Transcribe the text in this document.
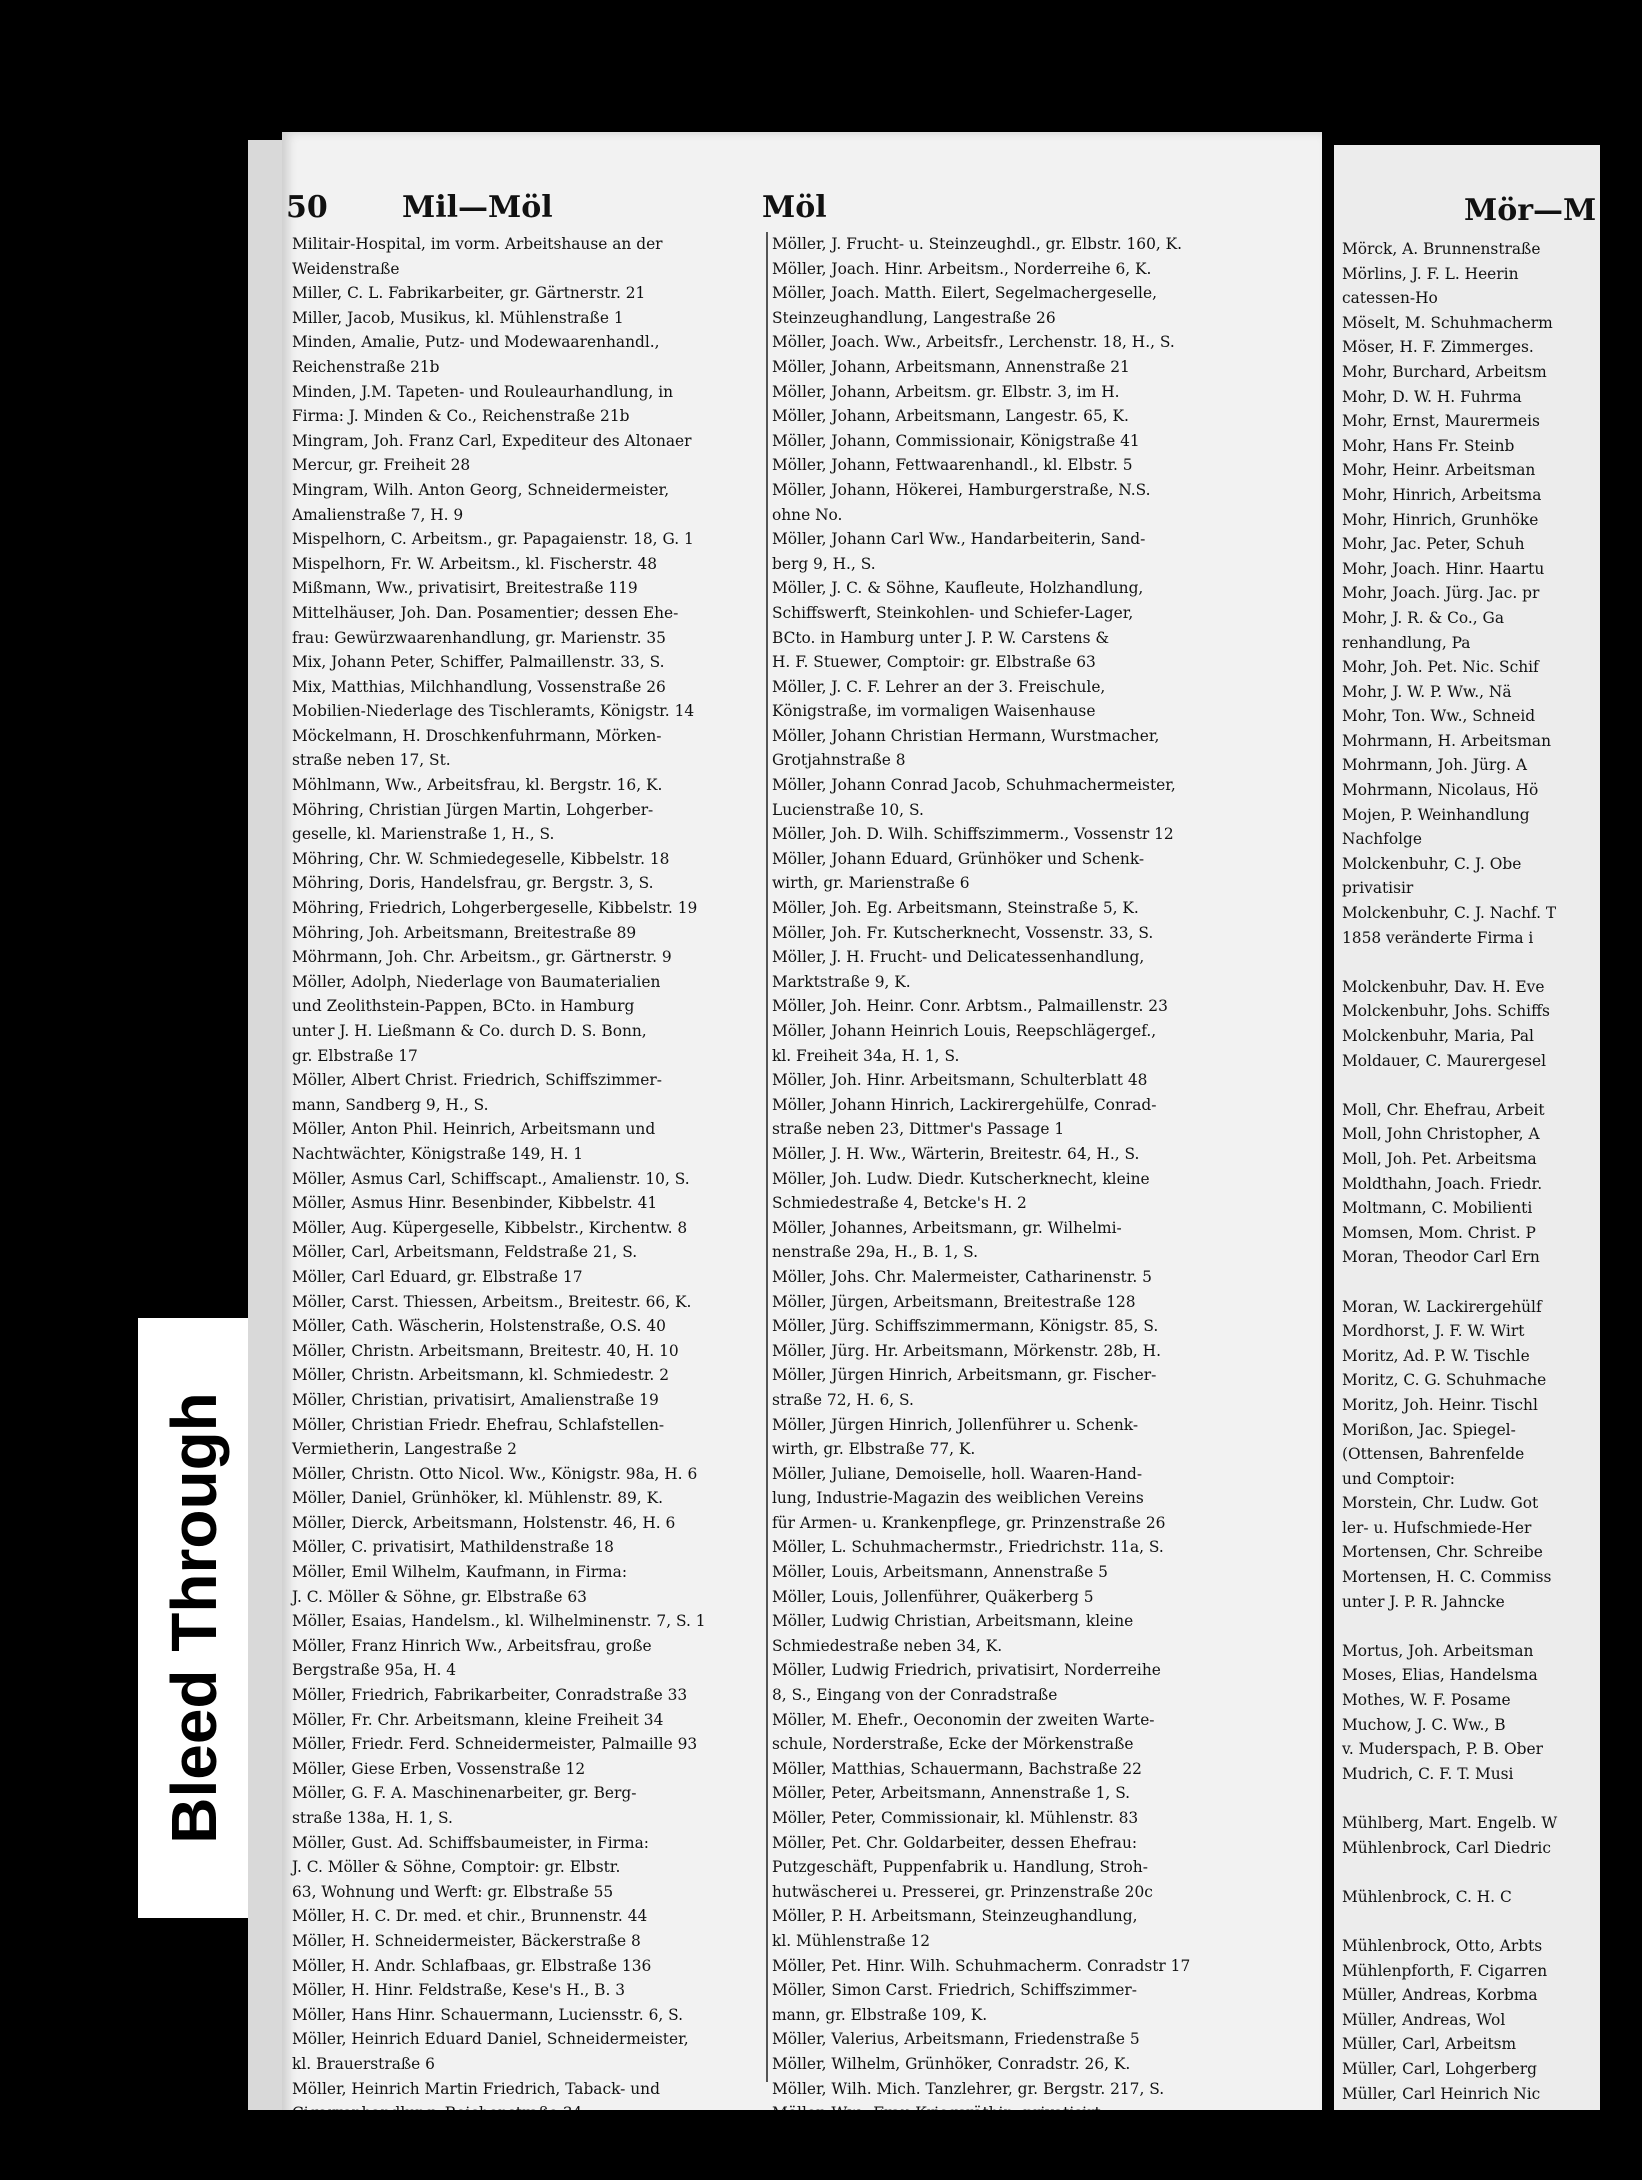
Bleed Through
50 Mil—Möl	Möl
Militair-Hospital, im vorm. Arbeitshause an der
Weidenstraße
Miller, C. L. Fabrikarbeiter, gr. Gärtnerstr. 21
Miller, Jacob, Musikus, kl. Mühlenstraße 1
Minden, Amalie, Putz- und Modewaarenhandl.,
Reichenstraße 21b
Minden, J.M. Tapeten- und Rouleaurhandlung, in
Firma: J. Minden & Co., Reichenstraße 21b
Mingram, Joh. Franz Carl, Expediteur des Altonaer
Mercur, gr. Freiheit 28
Mingram, Wilh. Anton Georg, Schneidermeister,
Amalienstraße 7, H. 9
Mispelhorn, C. Arbeitsm., gr. Papagaienstr. 18, G. 1
Mispelhorn, Fr. W. Arbeitsm., kl. Fischerstr. 48
Mißmann, Ww., privatisirt, Breitestraße 119
Mittelhäuser, Joh. Dan. Posamentier; dessen Ehe-
frau: Gewürzwaarenhandlung, gr. Marienstr. 35
Mix, Johann Peter, Schiffer, Palmaillenstr. 33, S.
Mix, Matthias, Milchhandlung, Vossenstraße 26
Mobilien-Niederlage des Tischleramts, Königstr. 14
Möckelmann, H. Droschkenfuhrmann, Mörken-
straße neben 17, St.
Möhlmann, Ww., Arbeitsfrau, kl. Bergstr. 16, K.
Möhring, Christian Jürgen Martin, Lohgerber-
geselle, kl. Marienstraße 1, H., S.
Möhring, Chr. W. Schmiedegeselle, Kibbelstr. 18
Möhring, Doris, Handelsfrau, gr. Bergstr. 3, S.
Möhring, Friedrich, Lohgerbergeselle, Kibbelstr. 19
Möhring, Joh. Arbeitsmann, Breitestraße 89
Möhrmann, Joh. Chr. Arbeitsm., gr. Gärtnerstr. 9
Möller, Adolph, Niederlage von Baumaterialien
und Zeolithstein-Pappen, BCto. in Hamburg
unter J. H. Ließmann & Co. durch D. S. Bonn,
gr. Elbstraße 17
Möller, Albert Christ. Friedrich, Schiffszimmer-
mann, Sandberg 9, H., S.
Möller, Anton Phil. Heinrich, Arbeitsmann und
Nachtwächter, Königstraße 149, H. 1
Möller, Asmus Carl, Schiffscapt., Amalienstr. 10, S.
Möller, Asmus Hinr. Besenbinder, Kibbelstr. 41
Möller, Aug. Küpergeselle, Kibbelstr., Kirchentw. 8
Möller, Carl, Arbeitsmann, Feldstraße 21, S.
Möller, Carl Eduard, gr. Elbstraße 17
Möller, Carst. Thiessen, Arbeitsm., Breitestr. 66, K.
Möller, Cath. Wäscherin, Holstenstraße, O.S. 40
Möller, Christn. Arbeitsmann, Breitestr. 40, H. 10
Möller, Christn. Arbeitsmann, kl. Schmiedestr. 2
Möller, Christian, privatisirt, Amalienstraße 19
Möller, Christian Friedr. Ehefrau, Schlafstellen-
Vermietherin, Langestraße 2
Möller, Christn. Otto Nicol. Ww., Königstr. 98a, H. 6
Möller, Daniel, Grünhöker, kl. Mühlenstr. 89, K.
Möller, Dierck, Arbeitsmann, Holstenstr. 46, H. 6
Möller, C. privatisirt, Mathildenstraße 18
Möller, Emil Wilhelm, Kaufmann, in Firma:
J. C. Möller & Söhne, gr. Elbstraße 63
Möller, Esaias, Handelsm., kl. Wilhelminenstr. 7, S. 1
Möller, Franz Hinrich Ww., Arbeitsfrau, große
Bergstraße 95a, H. 4
Möller, Friedrich, Fabrikarbeiter, Conradstraße 33
Möller, Fr. Chr. Arbeitsmann, kleine Freiheit 34
Möller, Friedr. Ferd. Schneidermeister, Palmaille 93
Möller, Giese Erben, Vossenstraße 12
Möller, G. F. A. Maschinenarbeiter, gr. Berg-
straße 138a, H. 1, S.
Möller, Gust. Ad. Schiffsbaumeister, in Firma:
J. C. Möller & Söhne, Comptoir: gr. Elbstr.
63, Wohnung und Werft: gr. Elbstraße 55
Möller, H. C. Dr. med. et chir., Brunnenstr. 44
Möller, H. Schneidermeister, Bäckerstraße 8
Möller, H. Andr. Schlafbaas, gr. Elbstraße 136
Möller, H. Hinr. Feldstraße, Kese's H., B. 3
Möller, Hans Hinr. Schauermann, Luciensstr. 6, S.
Möller, Heinrich Eduard Daniel, Schneidermeister,
kl. Brauerstraße 6
Möller, Heinrich Martin Friedrich, Taback- und
Möller, J. Frucht- u. Steinzeughdl., gr. Elbstr. 160, K.
Möller, Joach. Hinr. Arbeitsm., Norderreihe 6, K.
Möller, Joach. Matth. Eilert, Segelmachergeselle,
Steinzeughandlung, Langestraße 26
Möller, Joach. Ww., Arbeitsfr., Lerchenstr. 18, H., S.
Möller, Johann, Arbeitsmann, Annenstraße 21
Möller, Johann, Arbeitsm. gr. Elbstr. 3, im H.
Möller, Johann, Arbeitsmann, Langestr. 65, K.
Möller, Johann, Commissionair, Königstraße 41
Möller, Johann, Fettwaarenhandl., kl. Elbstr. 5
Möller, Johann, Hökerei, Hamburgerstraße, N.S.
ohne No.
Möller, Johann Carl Ww., Handarbeiterin, Sand-
berg 9, H., S.
Möller, J. C. & Söhne, Kaufleute, Holzhandlung,
Schiffswerft, Steinkohlen- und Schiefer-Lager,
BCto. in Hamburg unter J. P. W. Carstens &
H. F. Stuewer, Comptoir: gr. Elbstraße 63
Möller, J. C. F. Lehrer an der 3. Freischule,
Königstraße, im vormaligen Waisenhause
Möller, Johann Christian Hermann, Wurstmacher,
Grotjahnstraße 8
Möller, Johann Conrad Jacob, Schuhmachermeister,
Lucienstraße 10, S.
Möller, Joh. D. Wilh. Schiffszimmerm., Vossenstr 12
Möller, Johann Eduard, Grünhöker und Schenk-
wirth, gr. Marienstraße 6
Möller, Joh. Eg. Arbeitsmann, Steinstraße 5, K.
Möller, Joh. Fr. Kutscherknecht, Vossenstr. 33, S.
Möller, J. H. Frucht- und Delicatessenhandlung,
Marktstraße 9, K.
Möller, Joh. Heinr. Conr. Arbtsm., Palmaillenstr. 23
Möller, Johann Heinrich Louis, Reepschlägergef.,
kl. Freiheit 34a, H. 1, S.
Möller, Joh. Hinr. Arbeitsmann, Schulterblatt 48
Möller, Johann Hinrich, Lackirergehülfe, Conrad-
straße neben 23, Dittmer's Passage 1
Möller, J. H. Ww., Wärterin, Breitestr. 64, H., S.
Möller, Joh. Ludw. Diedr. Kutscherknecht, kleine
Schmiedestraße 4, Betcke's H. 2
Möller, Johannes, Arbeitsmann, gr. Wilhelmi-
nenstraße 29a, H., B. 1, S.
Möller, Johs. Chr. Malermeister, Catharinenstr. 5
Möller, Jürgen, Arbeitsmann, Breitestraße 128
Möller, Jürg. Schiffszimmermann, Königstr. 85, S.
Möller, Jürg. Hr. Arbeitsmann, Mörkenstr. 28b, H.
Möller, Jürgen Hinrich, Arbeitsmann, gr. Fischer-
straße 72, H. 6, S.
Möller, Jürgen Hinrich, Jollenführer u. Schenk-
wirth, gr. Elbstraße 77, K.
Möller, Juliane, Demoiselle, holl. Waaren-Hand-
lung, Industrie-Magazin des weiblichen Vereins
für Armen- u. Krankenpflege, gr. Prinzenstraße 26
Möller, L. Schuhmachermstr., Friedrichstr. 11a, S.
Möller, Louis, Arbeitsmann, Annenstraße 5
Möller, Louis, Jollenführer, Quäkerberg 5
Möller, Ludwig Christian, Arbeitsmann, kleine
Schmiedestraße neben 34, K.
Möller, Ludwig Friedrich, privatisirt, Norderreihe
8, S., Eingang von der Conradstraße
Möller, M. Ehefr., Oeconomin der zweiten Warte-
schule, Norderstraße, Ecke der Mörkenstraße
Möller, Matthias, Schauermann, Bachstraße 22
Möller, Peter, Arbeitsmann, Annenstraße 1, S.
Möller, Peter, Commissionair, kl. Mühlenstr. 83
Möller, Pet. Chr. Goldarbeiter, dessen Ehefrau:
Putzgeschäft, Puppenfabrik u. Handlung, Stroh-
hutwäscherei u. Presserei, gr. Prinzenstraße 20c
Möller, P. H. Arbeitsmann, Steinzeughandlung,
kl. Mühlenstraße 12
Möller, Pet. Hinr. Wilh. Schuhmacherm. Conradstr 17
Möller, Simon Carst. Friedrich, Schiffszimmer-
mann, gr. Elbstraße 109, K.
Möller, Valerius, Arbeitsmann, Friedenstraße 5
Möller, Wilhelm, Grünhöker, Conradstr. 26, K.
Möller, Wilh. Mich. Tanzlehrer, gr. Bergstr. 217, S.
Mör—M
Mörck, A. Brunnenstraße
Mörlins, J. F. L. Heerin
catessen-Ho
Möselt, M. Schuhmacherm
Möser, H. F. Zimmerges.
Mohr, Burchard, Arbeitsm
Mohr, D. W. H. Fuhrma
Mohr, Ernst, Maurermeis
Mohr, Hans Fr. Steinb
Mohr, Heinr. Arbeitsman
Mohr, Hinrich, Arbeitsma
Mohr, Hinrich, Grunhöke
Mohr, Jac. Peter, Schuh
Mohr, Joach. Hinr. Haartu
Mohr, Joach. Jürg. Jac. pr
Mohr, J. R. & Co., Ga
renhandlung, Pa
Mohr, Joh. Pet. Nic. Schif
Mohr, J. W. P. Ww., Nä
Mohr, Ton. Ww., Schneid
Mohrmann, H. Arbeitsman
Mohrmann, Joh. Jürg. A
Mohrmann, Nicolaus, Hö
Mojen, P. Weinhandlung
Nachfolge
Molckenbuhr, C. J. Obe
privatisir
Molckenbuhr, C. J. Nachf. T
1858 veränderte Firma i
Molckenbuhr, Dav. H. Eve
Molckenbuhr, Johs. Schiffs
Molckenbuhr, Maria, Pal
Moldauer, C. Maurergesel
Moll, Chr. Ehefrau, Arbeit
Moll, John Christopher, A
Moll, Joh. Pet. Arbeitsma
Moldthahn, Joach. Friedr.
Moltmann, C. Mobilienti
Momsen, Mom. Christ. P
Moran, Theodor Carl Ern
Moran, W. Lackirergehülf
Mordhorst, J. F. W. Wirt
Moritz, Ad. P. W. Tischle
Moritz, C. G. Schuhmache
Moritz, Joh. Heinr. Tischl
Morißon, Jac. Spiegel-
(Ottensen, Bahrenfelde
und Comptoir:
Morstein, Chr. Ludw. Got
ler- u. Hufschmiede-Her
Mortensen, Chr. Schreibe
Mortensen, H. C. Commiss
unter J. P. R. Jahncke
Mortus, Joh. Arbeitsman
Moses, Elias, Handelsma
Mothes, W. F. Posame
Muchow, J. C. Ww., B
v. Muderspach, P. B. Ober
Mudrich, C. F. T. Musi
Mühlberg, Mart. Engelb. W
Mühlenbrock, Carl Diedric
Mühlenbrock, C. H. C
Mühlenbrock, Otto, Arbts
Mühlenpforth, F. Cigarren
Müller, Andreas, Korbma
Müller, Andreas, Wol
Müller, Carl, Arbeitsm
Müller, Carl, Lohgerberg
Müller, Carl Heinrich Nic
